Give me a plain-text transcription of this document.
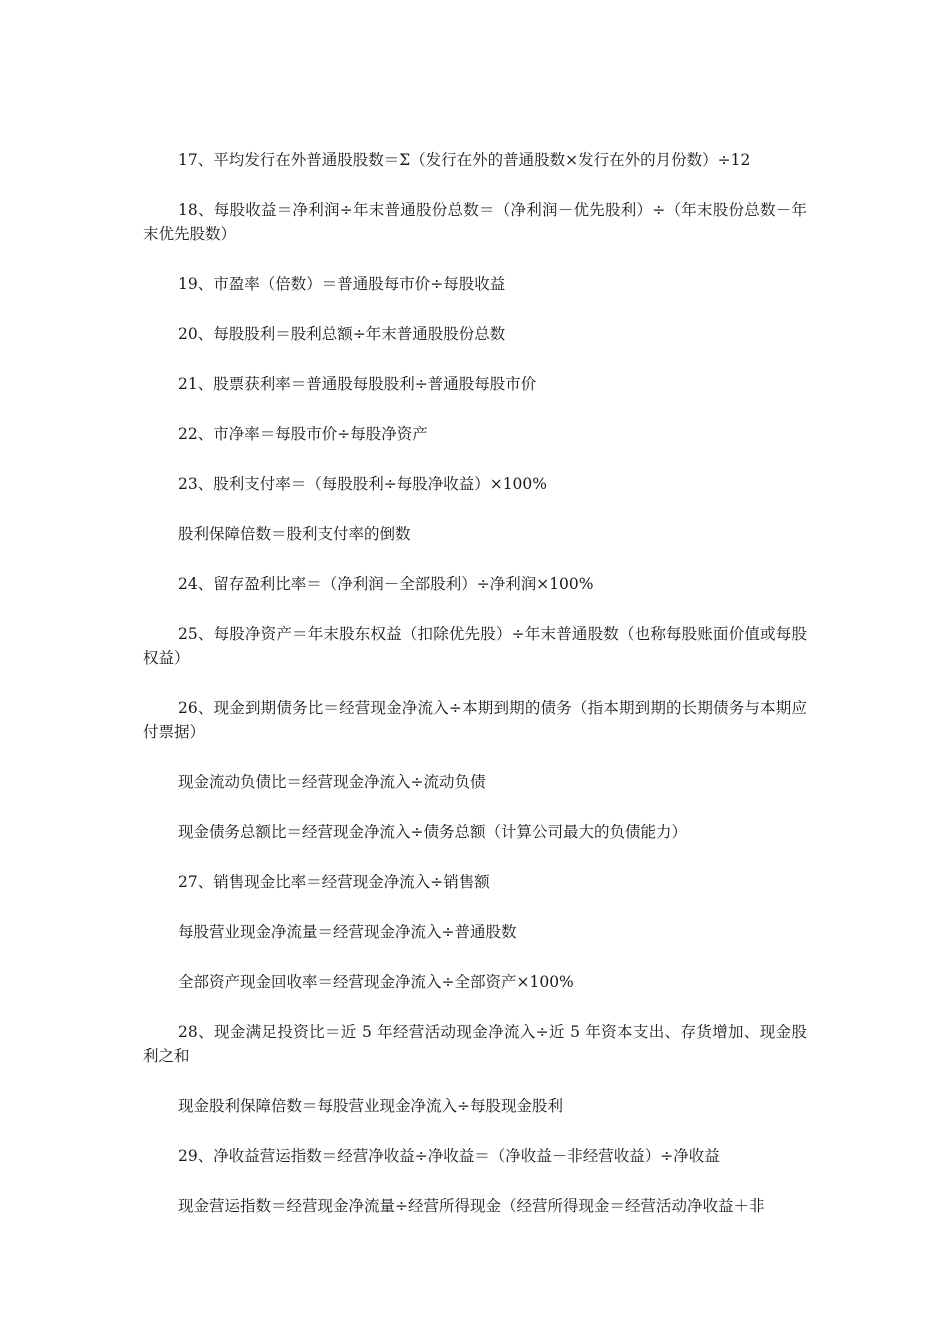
17、平均发行在外普通股股数＝Σ（发行在外的普通股数×发行在外的月份数）÷12

18、每股收益＝净利润÷年末普通股份总数＝（净利润－优先股利）÷（年末股份总数－年末优先股数）

19、市盈率（倍数）＝普通股每市价÷每股收益

20、每股股利＝股利总额÷年末普通股股份总数

21、股票获利率＝普通股每股股利÷普通股每股市价

22、市净率＝每股市价÷每股净资产

23、股利支付率＝（每股股利÷每股净收益）×100%

股利保障倍数＝股利支付率的倒数

24、留存盈利比率＝（净利润－全部股利）÷净利润×100%

25、每股净资产＝年末股东权益（扣除优先股）÷年末普通股数（也称每股账面价值或每股权益）

26、现金到期债务比＝经营现金净流入÷本期到期的债务（指本期到期的长期债务与本期应付票据）

现金流动负债比＝经营现金净流入÷流动负债

现金债务总额比＝经营现金净流入÷债务总额（计算公司最大的负债能力）

27、销售现金比率＝经营现金净流入÷销售额

每股营业现金净流量＝经营现金净流入÷普通股数

全部资产现金回收率＝经营现金净流入÷全部资产×100%

28、现金满足投资比＝近 5 年经营活动现金净流入÷近 5 年资本支出、存货增加、现金股利之和

现金股利保障倍数＝每股营业现金净流入÷每股现金股利

29、净收益营运指数＝经营净收益÷净收益＝（净收益－非经营收益）÷净收益

现金营运指数＝经营现金净流量÷经营所得现金（经营所得现金＝经营活动净收益＋非
